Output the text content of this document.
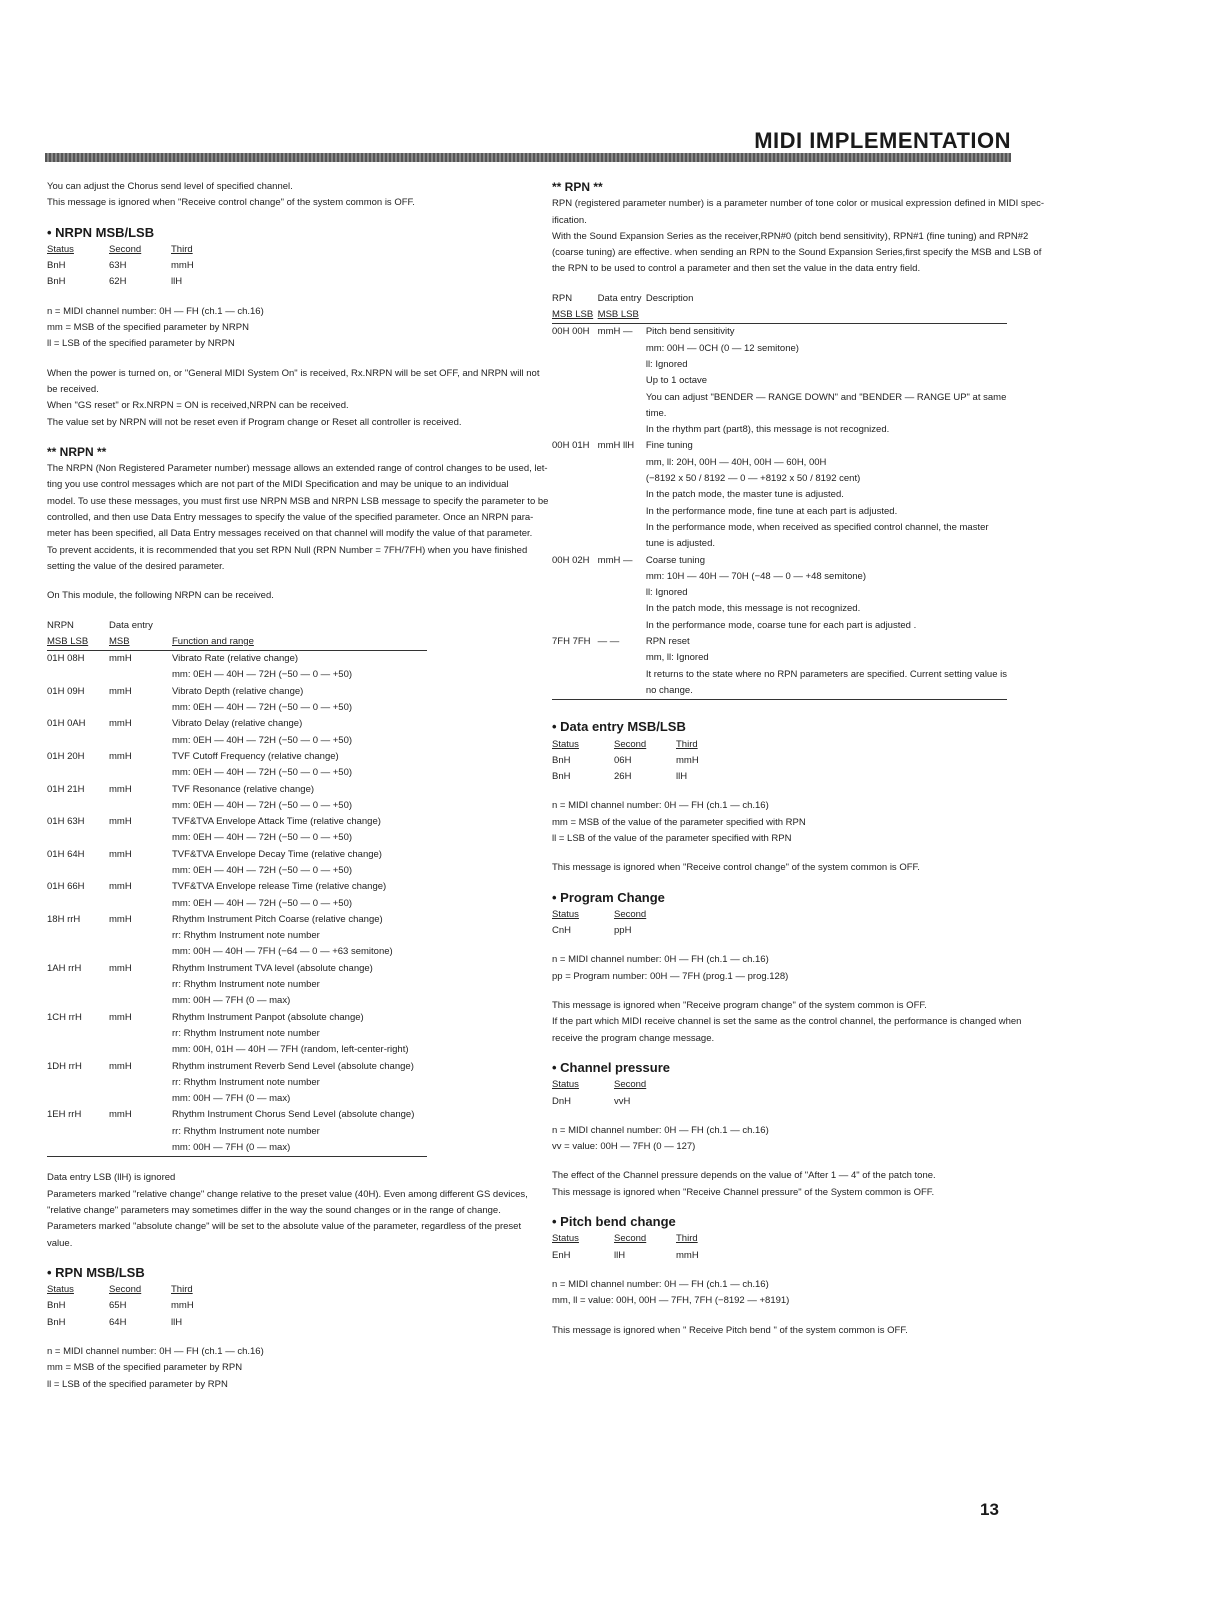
MIDI IMPLEMENTATION
You can adjust the Chorus send level of specified channel.
This message is ignored when "Receive control change" of the system common is OFF.
• NRPN MSB/LSB
Status	Second	Third
BnH	63H	mmH
BnH	62H	llH
n = MIDI channel number: 0H — FH (ch.1 — ch.16)
mm = MSB of the specified parameter by NRPN
ll = LSB of the specified parameter by NRPN
When the power is turned on, or "General MIDI System On" is received, Rx.NRPN will be set OFF, and NRPN will not
be received.
When "GS reset" or Rx.NRPN = ON is received,NRPN can be received.
The value set by NRPN will not be reset even if Program change or Reset all controller is received.
** NRPN **
The NRPN (Non Registered Parameter number) message allows an extended range of control changes to be used, let-
ting you use control messages which are not part of the MIDI Specification and may be unique to an individual
model. To use these messages, you must first use NRPN MSB and NRPN LSB message to specify the parameter to be
controlled, and then use Data Entry messages to specify the value of the specified parameter. Once an NRPN para-
meter has been specified, all Data Entry messages received on that channel will modify the value of that parameter.
To prevent accidents, it is recommended that you set RPN Null (RPN Number = 7FH/7FH) when you have finished
setting the value of the desired parameter.
On This module, the following NRPN can be received.
NRPN	Data entry	
MSB LSB	MSB	Function and range
01H 08H	mmH	Vibrato Rate (relative change)
		mm: 0EH — 40H — 72H (−50 — 0 — +50)
01H 09H	mmH	Vibrato Depth (relative change)
		mm: 0EH — 40H — 72H (−50 — 0 — +50)
01H 0AH	mmH	Vibrato Delay (relative change)
		mm: 0EH — 40H — 72H (−50 — 0 — +50)
01H 20H	mmH	TVF Cutoff Frequency (relative change)
		mm: 0EH — 40H — 72H (−50 — 0 — +50)
01H 21H	mmH	TVF Resonance (relative change)
		mm: 0EH — 40H — 72H (−50 — 0 — +50)
01H 63H	mmH	TVF&TVA Envelope Attack Time (relative change)
		mm: 0EH — 40H — 72H (−50 — 0 — +50)
01H 64H	mmH	TVF&TVA Envelope Decay Time (relative change)
		mm: 0EH — 40H — 72H (−50 — 0 — +50)
01H 66H	mmH	TVF&TVA Envelope release Time (relative change)
		mm: 0EH — 40H — 72H (−50 — 0 — +50)
18H rrH	mmH	Rhythm Instrument Pitch Coarse (relative change)
		rr: Rhythm Instrument note number
		mm: 00H — 40H — 7FH (−64 — 0 — +63 semitone)
1AH rrH	mmH	Rhythm Instrument TVA level (absolute change)
		rr: Rhythm Instrument note number
		mm: 00H — 7FH (0 — max)
1CH rrH	mmH	Rhythm Instrument Panpot (absolute change)
		rr: Rhythm Instrument note number
		mm: 00H, 01H — 40H — 7FH (random, left-center-right)
1DH rrH	mmH	Rhythm instrument Reverb Send Level (absolute change)
		rr: Rhythm Instrument note number
		mm: 00H — 7FH (0 — max)
1EH rrH	mmH	Rhythm Instrument Chorus Send Level (absolute change)
		rr: Rhythm Instrument note number
		mm: 00H — 7FH (0 — max)
Data entry LSB (llH) is ignored
Parameters marked "relative change" change relative to the preset value (40H). Even among different GS devices,
"relative change" parameters may sometimes differ in the way the sound changes or in the range of change.
Parameters marked "absolute change" will be set to the absolute value of the parameter, regardless of the preset
value.
• RPN MSB/LSB
Status	Second	Third
BnH	65H	mmH
BnH	64H	llH
n = MIDI channel number: 0H — FH (ch.1 — ch.16)
mm = MSB of the specified parameter by RPN
ll = LSB of the specified parameter by RPN
** RPN **
RPN (registered parameter number) is a parameter number of tone color or musical expression defined in MIDI spec-
ification.
With the Sound Expansion Series as the receiver,RPN#0 (pitch bend sensitivity), RPN#1 (fine tuning) and RPN#2
(coarse tuning) are effective. when sending an RPN to the Sound Expansion Series,first specify the MSB and LSB of
the RPN to be used to control a parameter and then set the value in the data entry field.
RPN	Data entry	Description
MSB LSB	MSB LSB	
00H 00H	mmH —	Pitch bend sensitivity
		mm: 00H — 0CH (0 — 12 semitone)
		ll: Ignored
		Up to 1 octave
		You can adjust "BENDER — RANGE DOWN" and "BENDER — RANGE UP" at same
		time.
		In the rhythm part (part8), this message is not recognized.
00H 01H	mmH llH	Fine tuning
		mm, ll: 20H, 00H — 40H, 00H — 60H, 00H
		(−8192 x 50 / 8192 — 0 — +8192 x 50 / 8192 cent)
		In the patch mode, the master tune is adjusted.
		In the performance mode, fine tune at each part is adjusted.
		In the performance mode, when received as specified control channel, the master
		tune is adjusted.
00H 02H	mmH —	Coarse tuning
		mm: 10H — 40H — 70H (−48 — 0 — +48 semitone)
		ll: Ignored
		In the patch mode, this message is not recognized.
		In the performance mode, coarse tune for each part is adjusted .
7FH 7FH	— —	RPN reset
		mm, ll: Ignored
		It returns to the state where no RPN parameters are specified. Current setting value is
		no change.
• Data entry MSB/LSB
Status	Second	Third
BnH	06H	mmH
BnH	26H	llH
n = MIDI channel number: 0H — FH (ch.1 — ch.16)
mm = MSB of the value of the parameter specified with RPN
ll = LSB of the value of the parameter specified with RPN
This message is ignored when "Receive control change" of the system common is OFF.
• Program Change
Status	Second
CnH	ppH
n = MIDI channel number: 0H — FH (ch.1 — ch.16)
pp = Program number: 00H — 7FH (prog.1 — prog.128)
This message is ignored when "Receive program change" of the system common is OFF.
If the part which MIDI receive channel is set the same as the control channel, the performance is changed when
receive the program change message.
• Channel pressure
Status	Second
DnH	vvH
n = MIDI channel number: 0H — FH (ch.1 — ch.16)
vv = value: 00H — 7FH (0 — 127)
The effect of the Channel pressure depends on the value of "After 1 — 4" of the patch tone.
This message is ignored when "Receive Channel pressure" of the System common is OFF.
• Pitch bend change
Status	Second	Third
EnH	llH	mmH
n = MIDI channel number: 0H — FH (ch.1 — ch.16)
mm, ll = value: 00H, 00H — 7FH, 7FH (−8192 — +8191)
This message is ignored when " Receive Pitch bend " of the system common is OFF.
13
